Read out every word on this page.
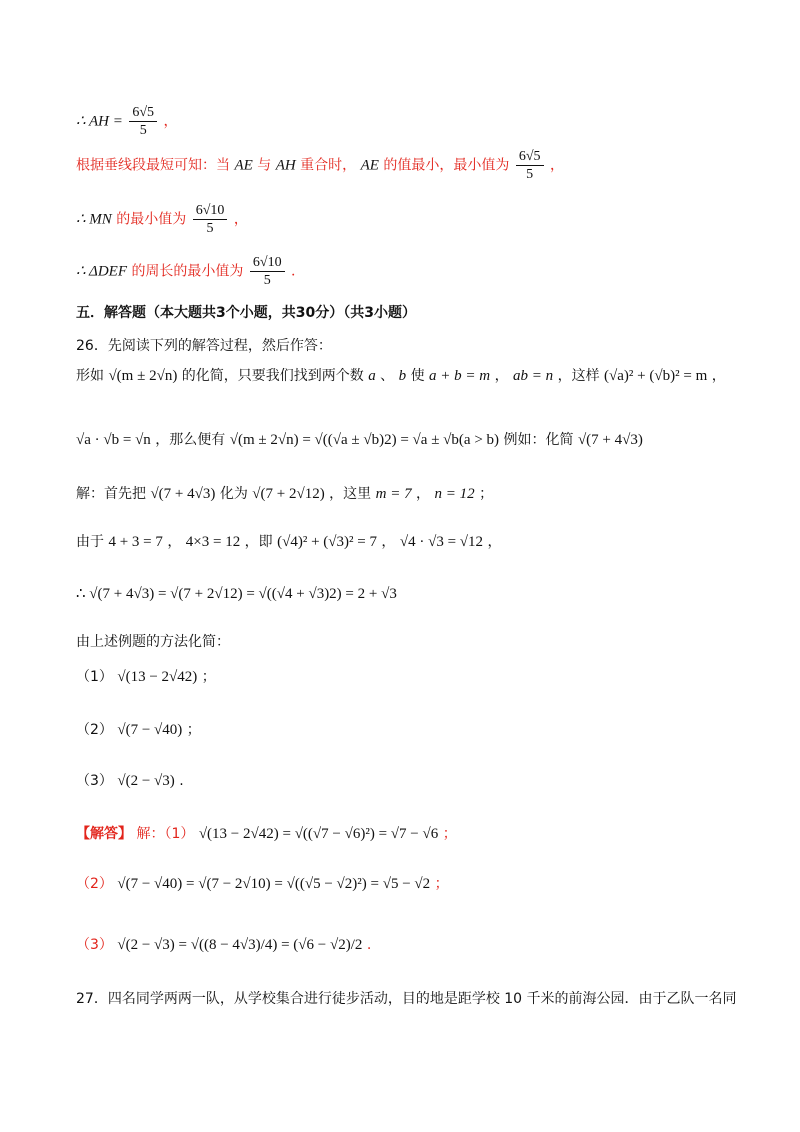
∴ AH = $\frac{6√5}{5}$ ，
根据垂线段最短可知：当 AE 与 AH 重合时， AE 的值最小，最小值为 $\frac{6√5}{5}$ ，
∴ MN 的最小值为 $\frac{6√10}{5}$ ，
∴ ΔDEF 的周长的最小值为 $\frac{6√10}{5}$ .
五．解答题（本大题共3个小题，共30分）（共3小题）
26．先阅读下列的解答过程，然后作答：
形如 √(m ± 2√n) 的化简，只要我们找到两个数 a 、 b 使 a + b = m ， ab = n ，这样 (√a)² + (√b)² = m ，
√a · √b = √n ，那么便有 √(m ± 2√n) = √((√a ± √b)2) = √a ± √b(a > b) 例如：化简 √(7 + 4√3)
解：首先把 √(7 + 4√3) 化为 √(7 + 2√12) ，这里 m = 7 ， n = 12 ；
由于 4 + 3 = 7 ， 4×3 = 12 ，即 (√4)² + (√3)² = 7 ， √4 · √3 = √12 ，
∴ √(7 + 4√3) = √(7 + 2√12) = √((√4 + √3)2) = 2 + √3
由上述例题的方法化简：
（1） √(13 − 2√42) ；
（2） √(7 − √40) ；
（3） √(2 − √3) .
【解答】 解：（1） √(13 − 2√42) = √((√7 − √6)²) = √7 − √6 ；
（2） √(7 − √40) = √(7 − 2√10) = √((√5 − √2)²) = √5 − √2 ；
（3） √(2 − √3) = √((8 − 4√3)/4) = (√6 − √2)/2 .
27．四名同学两两一队，从学校集合进行徒步活动，目的地是距学校 10 千米的前海公园．由于乙队一名同
